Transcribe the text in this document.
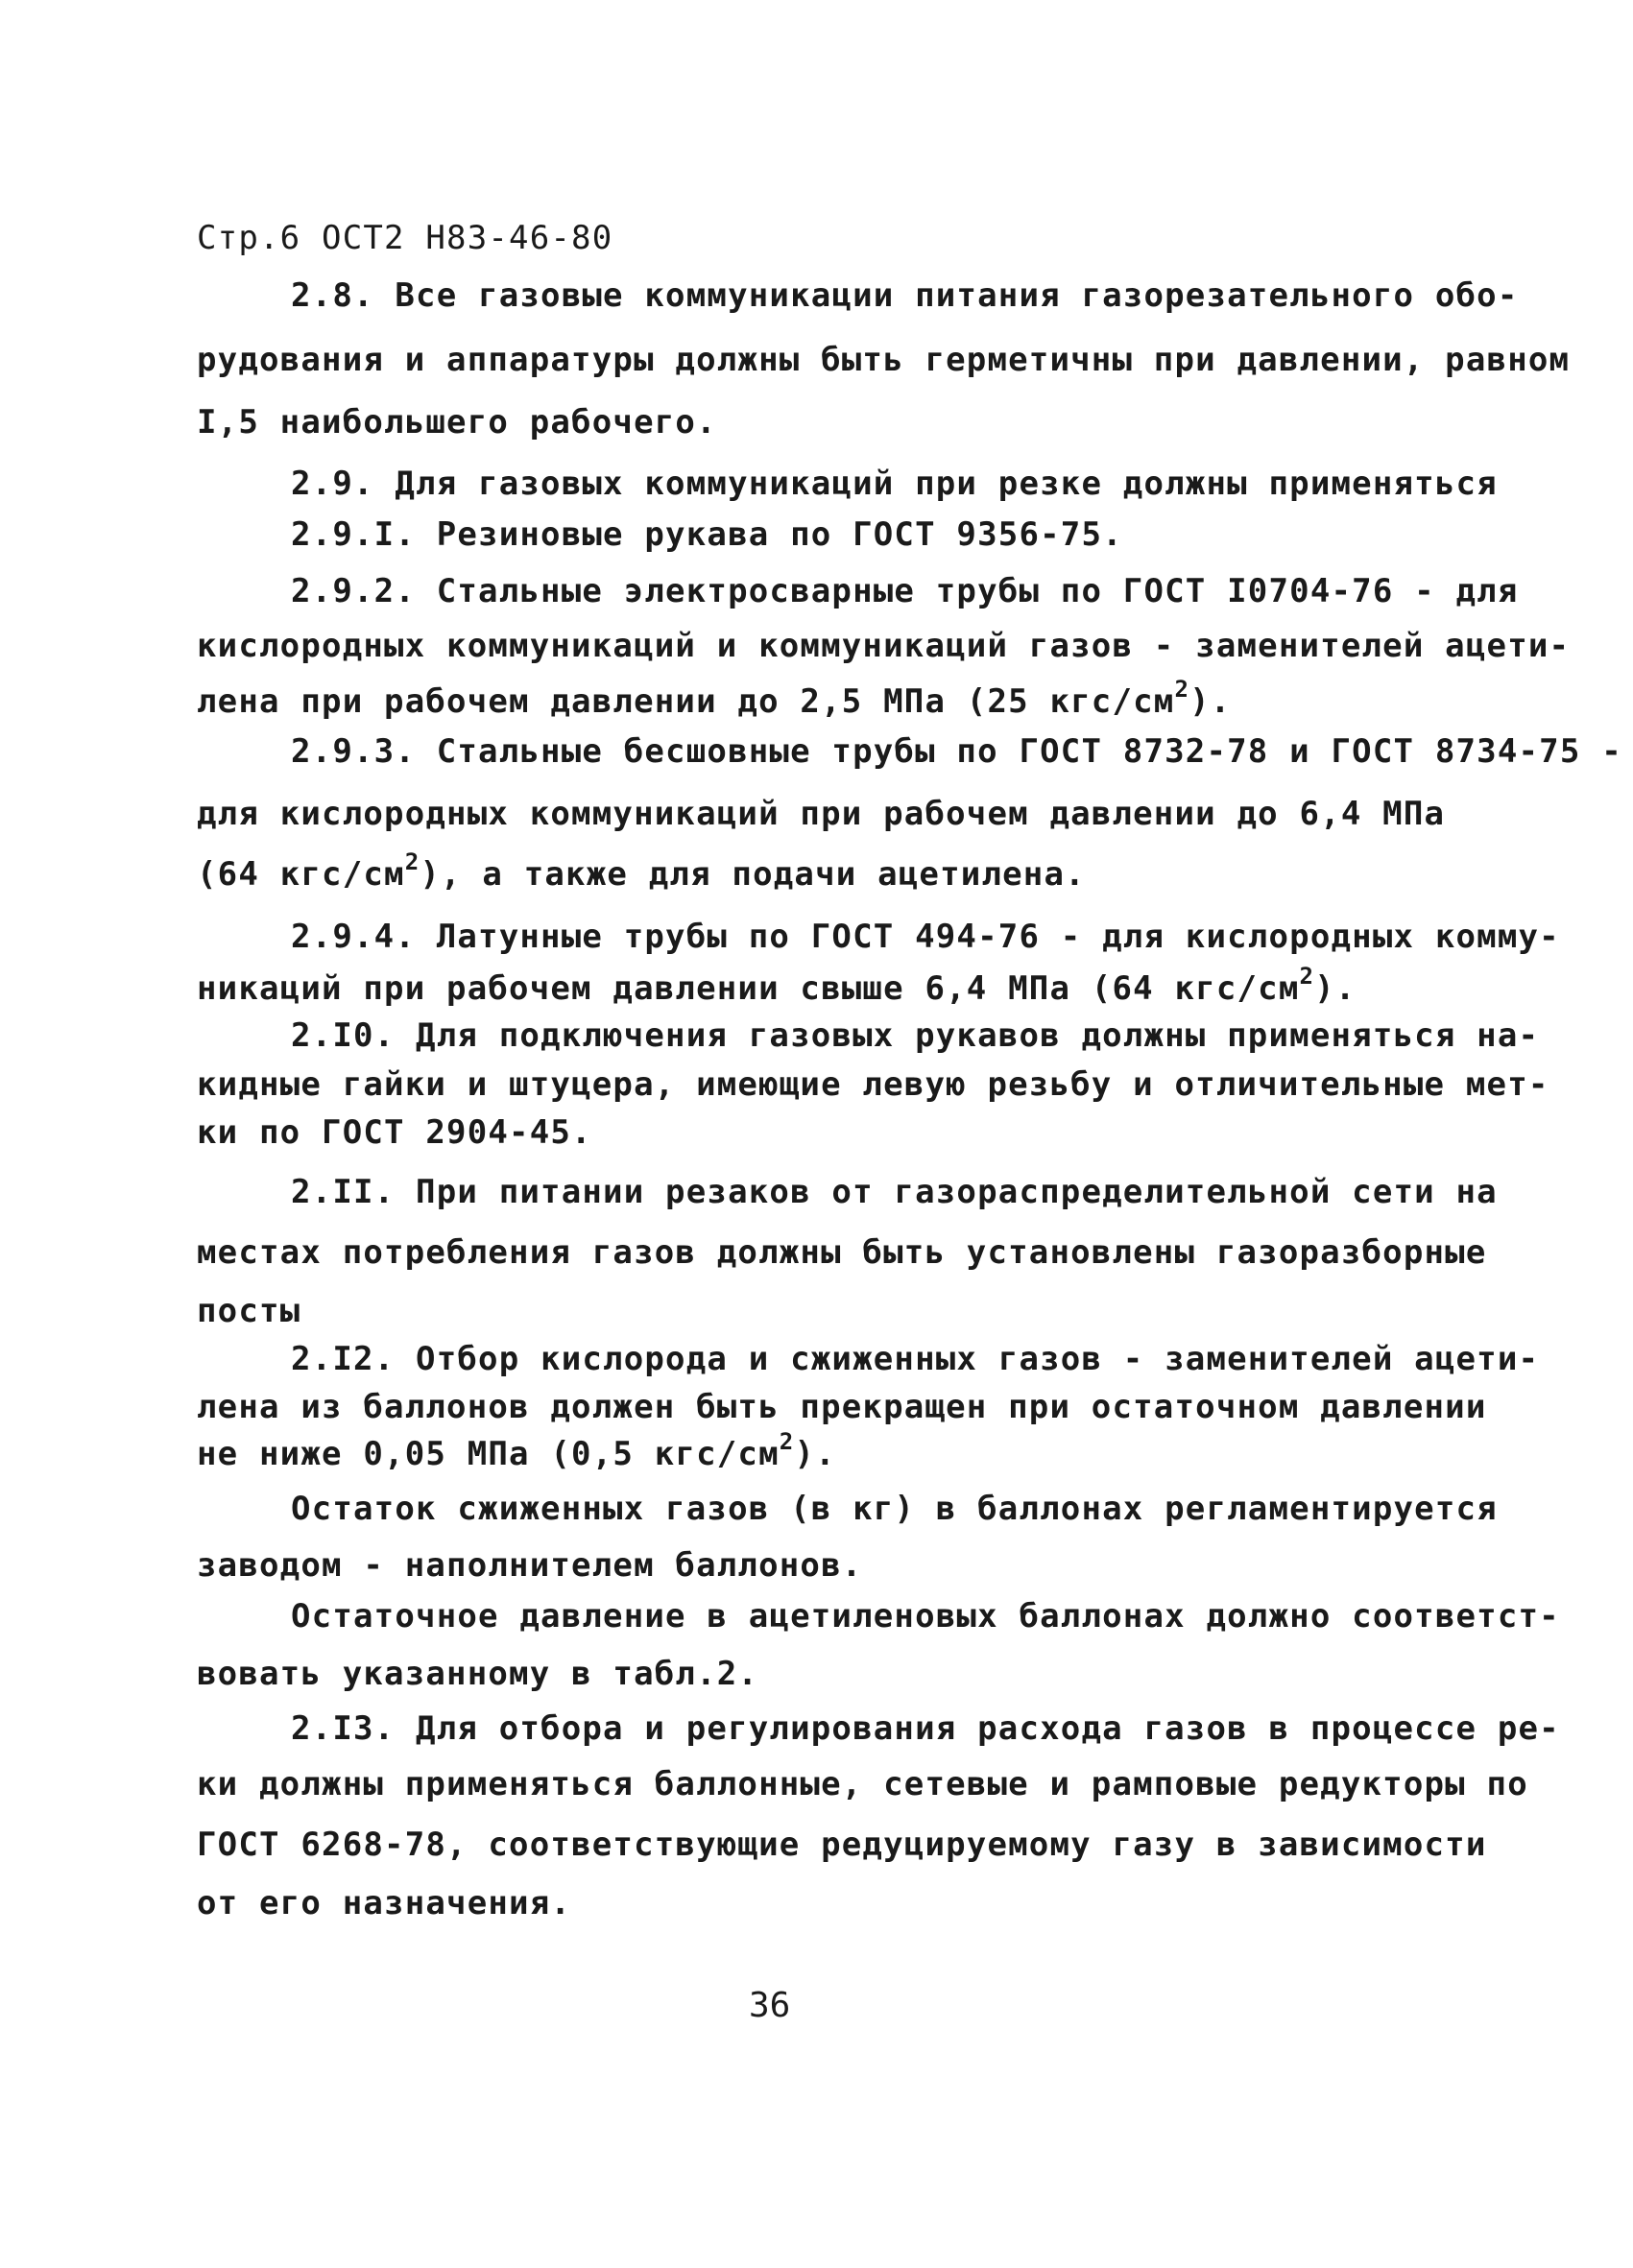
Стр.6 ОСТ2 Н83-46-80
2.8. Все газовые коммуникации питания газорезательного обо-
рудования и аппаратуры должны быть герметичны при давлении, равном
I,5 наибольшего рабочего.
2.9. Для газовых коммуникаций при резке должны применяться
2.9.I. Резиновые рукава по ГОСТ 9356-75.
2.9.2. Стальные электросварные трубы по ГОСТ I0704-76 - для
кислородных коммуникаций и коммуникаций газов - заменителей ацети-
лена при рабочем давлении до 2,5 МПа (25 кгс/$см^2$).
2.9.3. Стальные бесшовные трубы по ГОСТ 8732-78 и ГОСТ 8734-75 -
для кислородных коммуникаций при рабочем давлении до 6,4 МПа
(64 кгс/$см^2$), а также для подачи ацетилена.
2.9.4. Латунные трубы по ГОСТ 494-76 - для кислородных комму-
никаций при рабочем давлении свыше 6,4 МПа (64 кгс/$см^2$).
2.I0. Для подключения газовых рукавов должны применяться на-
кидные гайки и штуцера, имеющие левую резьбу и отличительные мет-
ки по ГОСТ 2904-45.
2.II. При питании резаков от газораспределительной сети на
местах потребления газов должны быть установлены газоразборные
посты
2.I2. Отбор кислорода и сжиженных газов - заменителей ацети-
лена из баллонов должен быть прекращен при остаточном давлении
не ниже 0,05 МПа (0,5 кгс/$см^2$).
Остаток сжиженных газов (в кг) в баллонах регламентируется
заводом - наполнителем баллонов.
Остаточное давление в ацетиленовых баллонах должно соответст-
вовать указанному в табл.2.
2.I3. Для отбора и регулирования расхода газов в процессе ре-
ки должны применяться баллонные, сетевые и рамповые редукторы по
ГОСТ 6268-78, соответствующие редуцируемому газу в зависимости
от его назначения.
36
